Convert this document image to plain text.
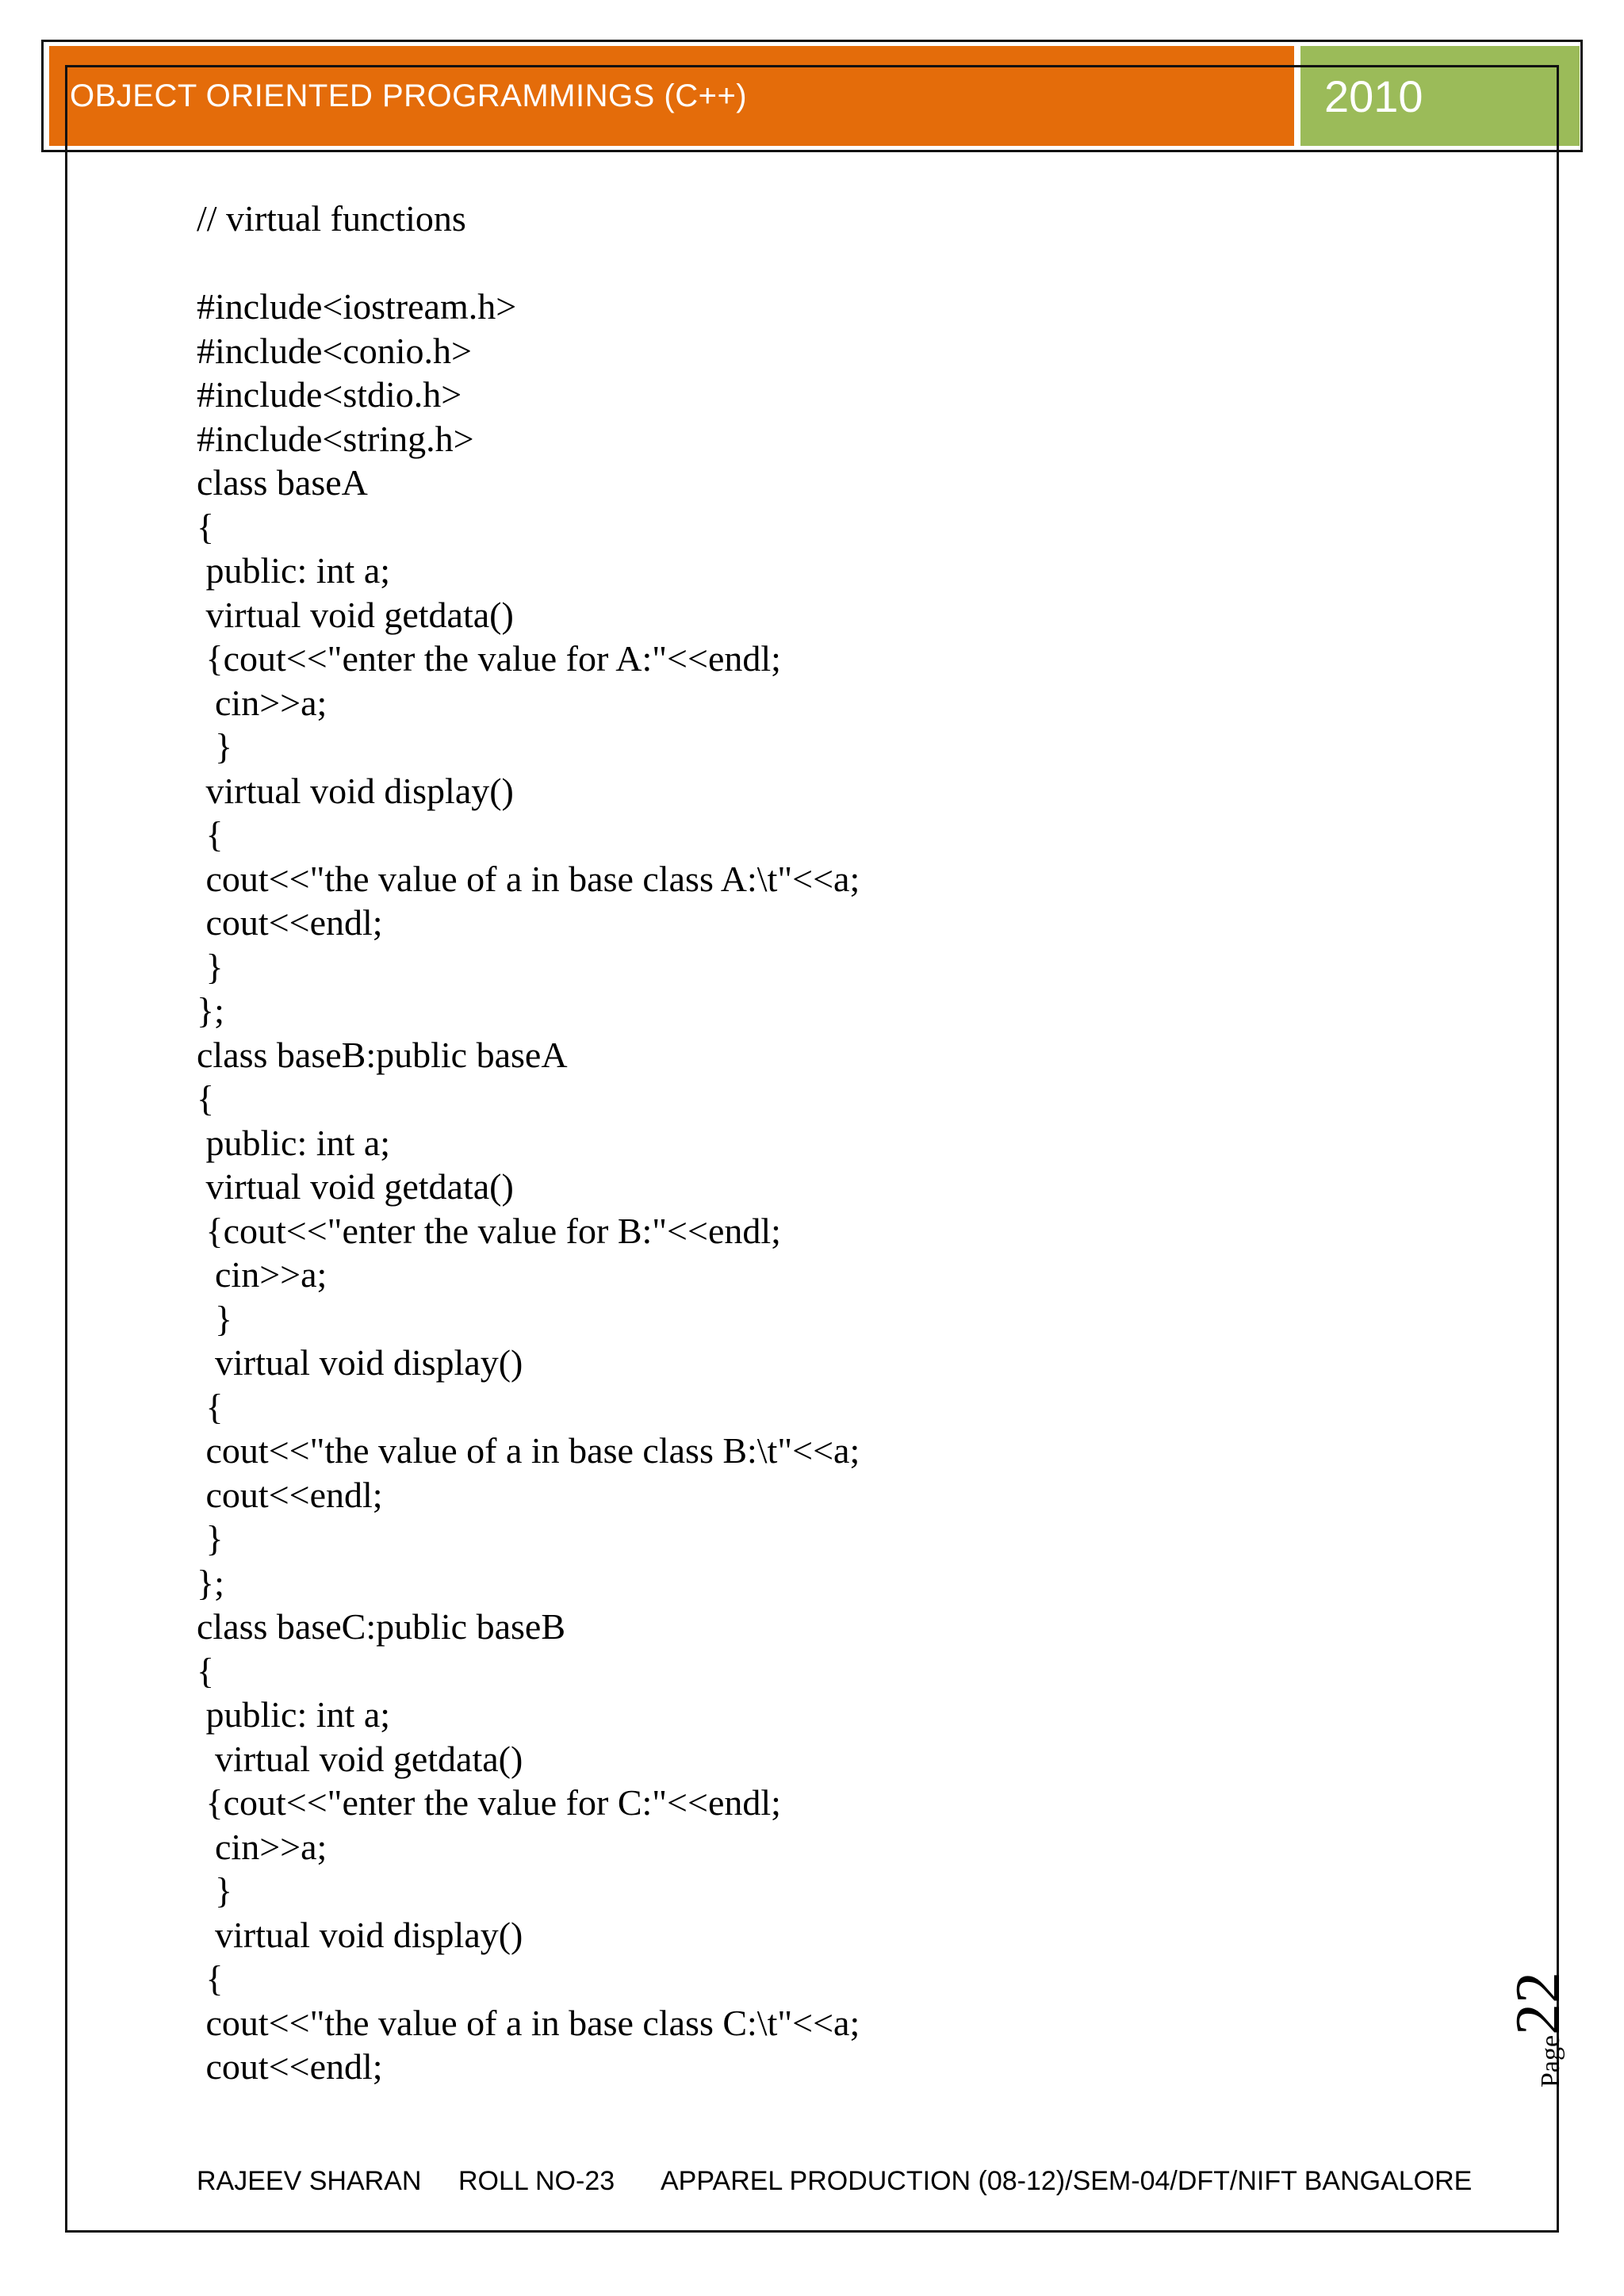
OBJECT ORIENTED PROGRAMMINGS (C++)	2010
// virtual functions
#include<iostream.h>
#include<conio.h>
#include<stdio.h>
#include<string.h>
class baseA
{
public: int a;
virtual void getdata()
{cout<<"enter the value for A:"<<endl;
cin>>a;
}
virtual void display()
{
cout<<"the value of a in base class A:\t"<<a;
cout<<endl;
}
};
class baseB:public baseA
{
public: int a;
virtual void getdata()
{cout<<"enter the value for B:"<<endl;
cin>>a;
}
virtual void display()
{
cout<<"the value of a in base class B:\t"<<a;
cout<<endl;
}
};
class baseC:public baseB
{
public: int a;
virtual void getdata()
{cout<<"enter the value for C:"<<endl;
cin>>a;
}
virtual void display()
{
cout<<"the value of a in base class C:\t"<<a;
cout<<endl;	Page
22
RAJEEV SHARAN	ROLL NO-23	APPAREL PRODUCTION (08-12)/SEM-04/DFT/NIFT BANGALORE
